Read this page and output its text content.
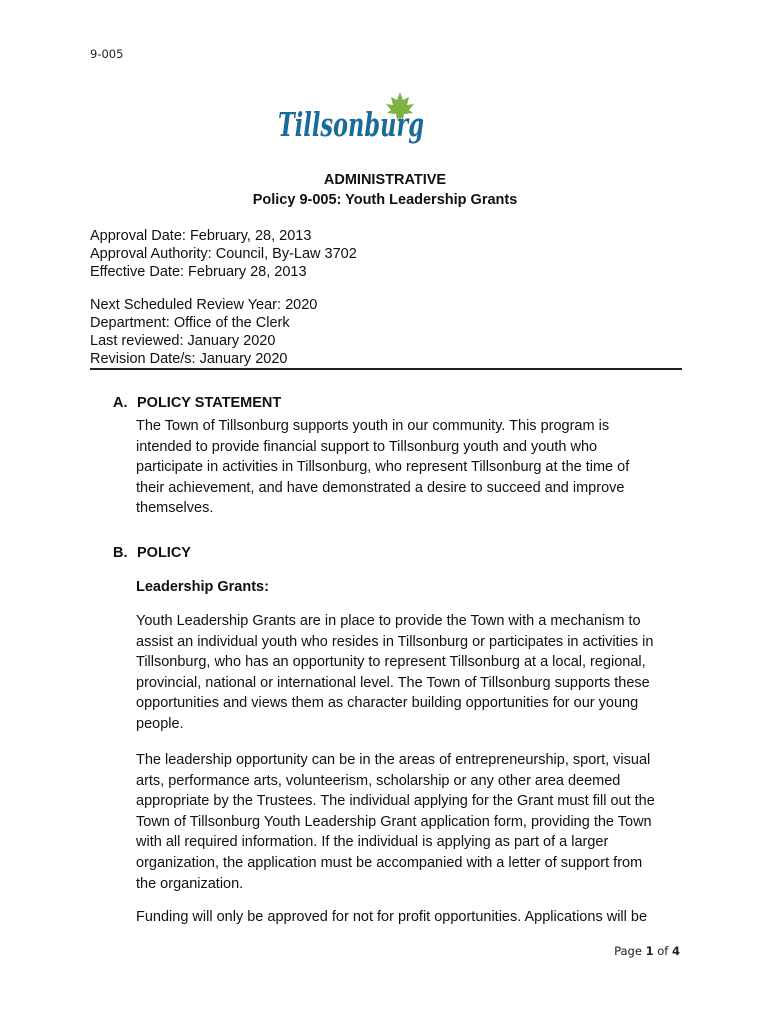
9-005
Tillsonburg
ADMINISTRATIVE
Policy 9-005: Youth Leadership Grants
Approval Date: February, 28, 2013
Approval Authority: Council, By-Law 3702
Effective Date: February 28, 2013
Next Scheduled Review Year: 2020
Department: Office of the Clerk
Last reviewed: January 2020
Revision Date/s: January 2020
A. POLICY STATEMENT
The Town of Tillsonburg supports youth in our community. This program is
intended to provide financial support to Tillsonburg youth and youth who
participate in activities in Tillsonburg, who represent Tillsonburg at the time of
their achievement, and have demonstrated a desire to succeed and improve
themselves.
B. POLICY
Leadership Grants:
Youth Leadership Grants are in place to provide the Town with a mechanism to
assist an individual youth who resides in Tillsonburg or participates in activities in
Tillsonburg, who has an opportunity to represent Tillsonburg at a local, regional,
provincial, national or international level. The Town of Tillsonburg supports these
opportunities and views them as character building opportunities for our young
people.
The leadership opportunity can be in the areas of entrepreneurship, sport, visual
arts, performance arts, volunteerism, scholarship or any other area deemed
appropriate by the Trustees. The individual applying for the Grant must fill out the
Town of Tillsonburg Youth Leadership Grant application form, providing the Town
with all required information. If the individual is applying as part of a larger
organization, the application must be accompanied with a letter of support from
the organization.
Funding will only be approved for not for profit opportunities. Applications will be
Page 1 of 4
